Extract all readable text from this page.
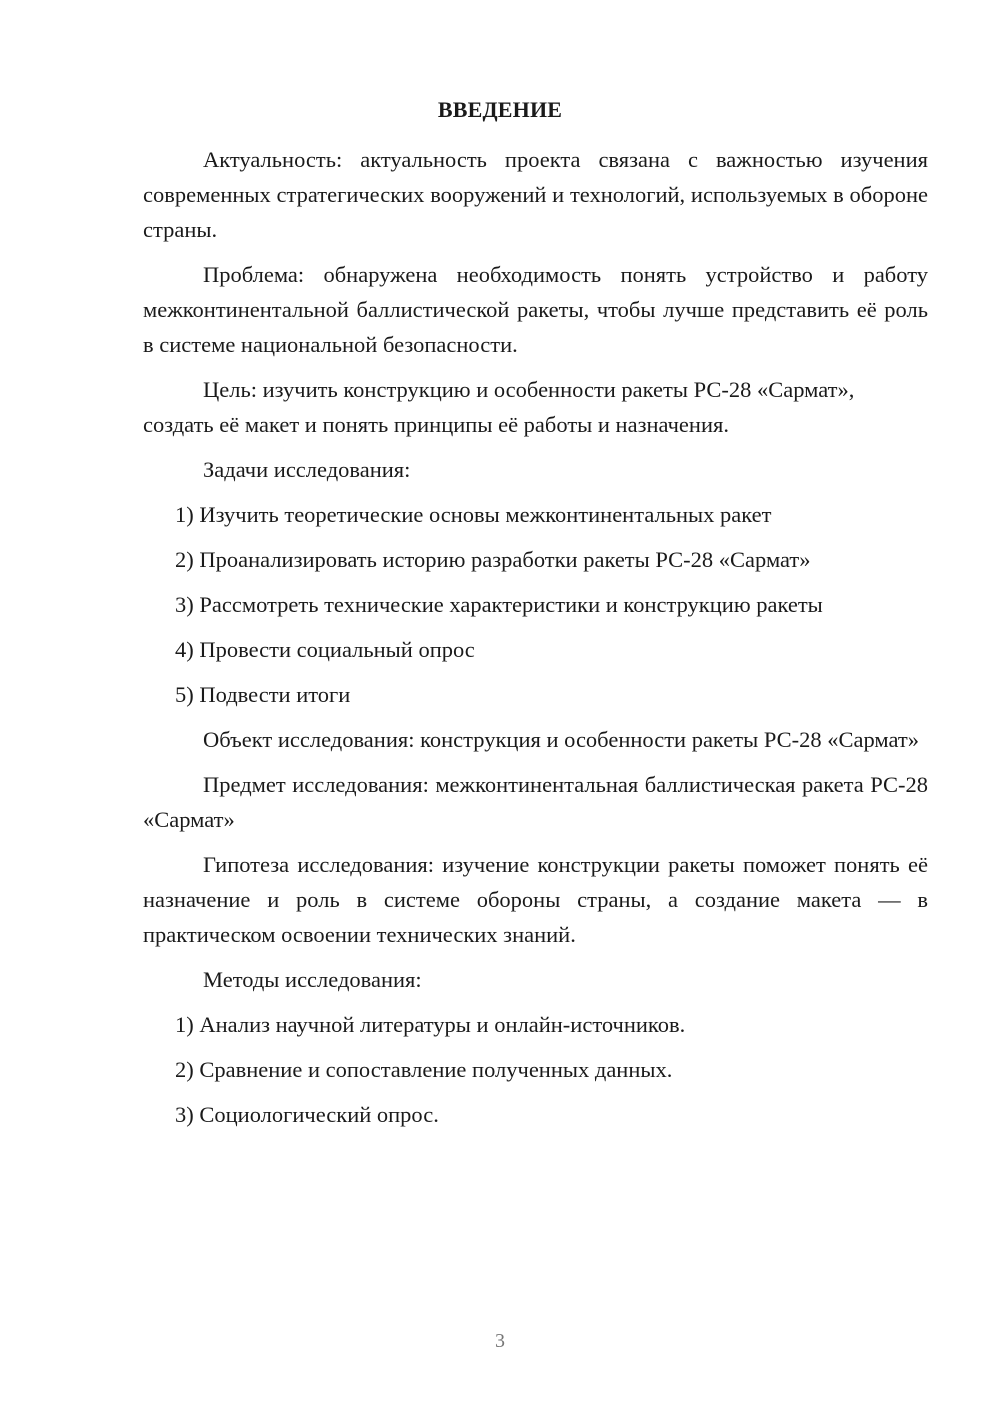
ВВЕДЕНИЕ

Актуальность: актуальность проекта связана с важностью изучения современных стратегических вооружений и технологий, используемых в обороне страны.

Проблема: обнаружена необходимость понять устройство и работу межконтинентальной баллистической ракеты, чтобы лучше представить её роль в системе национальной безопасности.

Цель: изучить конструкцию и особенности ракеты РС-28 «Сармат», создать её макет и понять принципы её работы и назначения.

Задачи исследования:

1) Изучить теоретические основы межконтинентальных ракет

2) Проанализировать историю разработки ракеты РС-28 «Сармат»

3) Рассмотреть технические характеристики и конструкцию ракеты

4) Провести социальный опрос

5) Подвести итоги

Объект исследования: конструкция и особенности ракеты РС-28 «Сармат»

Предмет исследования: межконтинентальная баллистическая ракета РС-28 «Сармат»

Гипотеза исследования: изучение конструкции ракеты поможет понять её назначение и роль в системе обороны страны, а создание макета — в практическом освоении технических знаний.

Методы исследования:

1) Анализ научной литературы и онлайн-источников.

2) Сравнение и сопоставление полученных данных.

3) Социологический опрос.

3
